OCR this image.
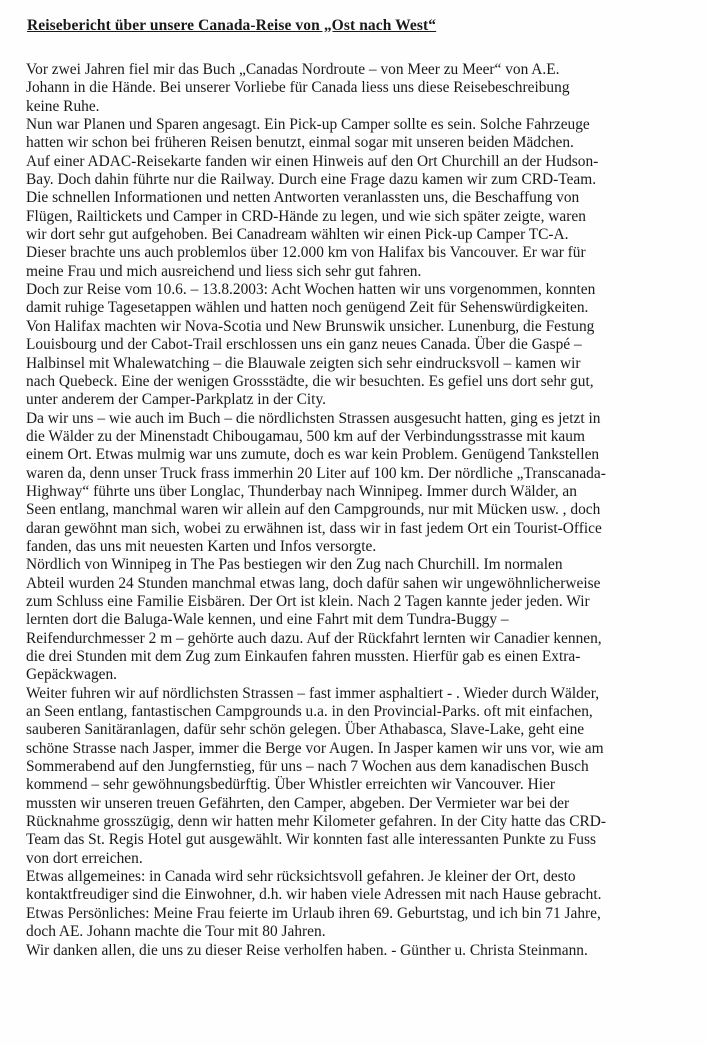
Reisebericht über unsere Canada-Reise von „Ost nach West“
Vor zwei Jahren fiel mir das Buch „Canadas Nordroute – von Meer zu Meer“ von A.E.
Johann in die Hände. Bei unserer Vorliebe für Canada liess uns diese Reisebeschreibung
keine Ruhe.
Nun war Planen und Sparen angesagt. Ein Pick-up Camper sollte es sein. Solche Fahrzeuge
hatten wir schon bei früheren Reisen benutzt, einmal sogar mit unseren beiden Mädchen.
Auf einer ADAC-Reisekarte fanden wir einen Hinweis auf den Ort Churchill an der Hudson-
Bay. Doch dahin führte nur die Railway. Durch eine Frage dazu kamen wir zum CRD-Team.
Die schnellen Informationen und netten Antworten veranlassten uns, die Beschaffung von
Flügen, Railtickets und Camper in CRD-Hände zu legen, und wie sich später zeigte, waren
wir dort sehr gut aufgehoben. Bei Canadream wählten wir einen Pick-up Camper TC-A.
Dieser brachte uns auch problemlos über 12.000 km von Halifax bis Vancouver. Er war für
meine Frau und mich ausreichend und liess sich sehr gut fahren.
Doch zur Reise vom 10.6. – 13.8.2003: Acht Wochen hatten wir uns vorgenommen, konnten
damit ruhige Tagesetappen wählen und hatten noch genügend Zeit für Sehenswürdigkeiten.
Von Halifax machten wir Nova-Scotia und New Brunswik unsicher. Lunenburg, die Festung
Louisbourg und der Cabot-Trail erschlossen uns ein ganz neues Canada. Über die Gaspé –
Halbinsel mit Whalewatching – die Blauwale zeigten sich sehr eindrucksvoll – kamen wir
nach Quebeck. Eine der wenigen Grossstädte, die wir besuchten. Es gefiel uns dort sehr gut,
unter anderem der Camper-Parkplatz in der City.
Da wir uns – wie auch im Buch – die nördlichsten Strassen ausgesucht hatten, ging es jetzt in
die Wälder zu der Minenstadt Chibougamau, 500 km auf der Verbindungsstrasse mit kaum
einem Ort. Etwas mulmig war uns zumute, doch es war kein Problem. Genügend Tankstellen
waren da, denn unser Truck frass immerhin 20 Liter auf 100 km. Der nördliche „Transcanada-
Highway“ führte uns über Longlac, Thunderbay nach Winnipeg. Immer durch Wälder, an
Seen entlang, manchmal waren wir allein auf den Campgrounds, nur mit Mücken usw. , doch
daran gewöhnt man sich, wobei zu erwähnen ist, dass wir in fast jedem Ort ein Tourist-Office
fanden, das uns mit neuesten Karten und Infos versorgte.
Nördlich von Winnipeg in The Pas bestiegen wir den Zug nach Churchill. Im normalen
Abteil wurden 24 Stunden manchmal etwas lang, doch dafür sahen wir ungewöhnlicherweise
zum Schluss eine Familie Eisbären. Der Ort ist klein. Nach 2 Tagen kannte jeder jeden. Wir
lernten dort die Baluga-Wale kennen, und eine Fahrt mit dem Tundra-Buggy –
Reifendurchmesser 2 m – gehörte auch dazu. Auf der Rückfahrt lernten wir Canadier kennen,
die drei Stunden mit dem Zug zum Einkaufen fahren mussten. Hierfür gab es einen Extra-
Gepäckwagen.
Weiter fuhren wir auf nördlichsten Strassen – fast immer asphaltiert - . Wieder durch Wälder,
an Seen entlang, fantastischen Campgrounds u.a. in den Provincial-Parks. oft mit einfachen,
sauberen Sanitäranlagen, dafür sehr schön gelegen. Über Athabasca, Slave-Lake, geht eine
schöne Strasse nach Jasper, immer die Berge vor Augen. In Jasper kamen wir uns vor, wie am
Sommerabend auf den Jungfernstieg, für uns – nach 7 Wochen aus dem kanadischen Busch
kommend – sehr gewöhnungsbedürftig. Über Whistler erreichten wir Vancouver. Hier
mussten wir unseren treuen Gefährten, den Camper, abgeben. Der Vermieter war bei der
Rücknahme grosszügig, denn wir hatten mehr Kilometer gefahren. In der City hatte das CRD-
Team das St. Regis Hotel gut ausgewählt. Wir konnten fast alle interessanten Punkte zu Fuss
von dort erreichen.
Etwas allgemeines: in Canada wird sehr rücksichtsvoll gefahren. Je kleiner der Ort, desto
kontaktfreudiger sind die Einwohner, d.h. wir haben viele Adressen mit nach Hause gebracht.
Etwas Persönliches: Meine Frau feierte im Urlaub ihren 69. Geburtstag, und ich bin 71 Jahre,
doch AE. Johann machte die Tour mit 80 Jahren.
Wir danken allen, die uns zu dieser Reise verholfen haben. - Günther u. Christa Steinmann.
